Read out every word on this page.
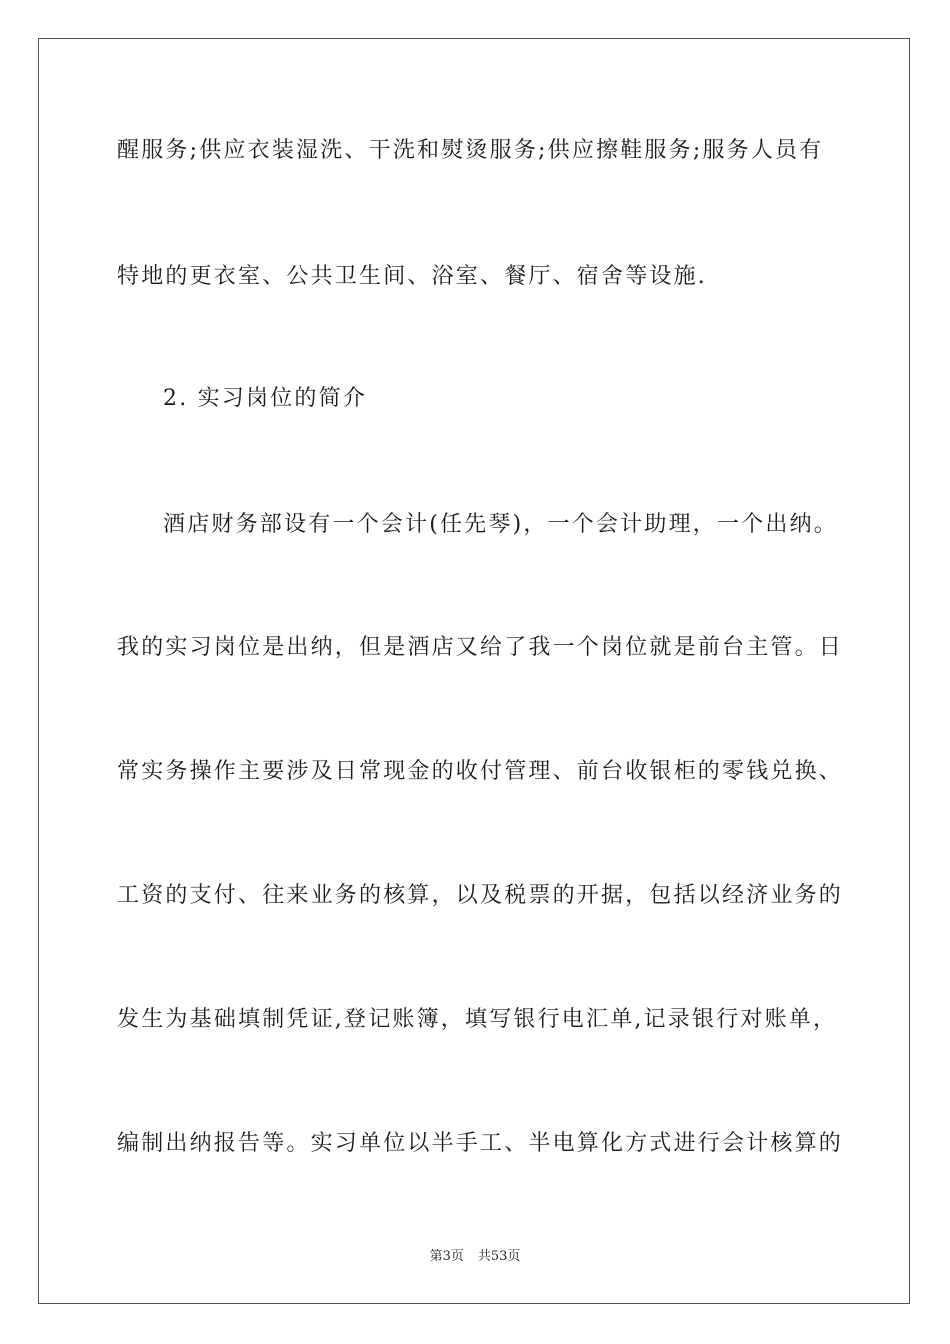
醒服务;供应衣装湿洗、干洗和熨烫服务;供应擦鞋服务;服务人员有
特地的更衣室、公共卫生间、浴室、餐厅、宿舍等设施.
2. 实习岗位的简介
酒店财务部设有一个会计(任先琴)，一个会计助理，一个出纳。
我的实习岗位是出纳，但是酒店又给了我一个岗位就是前台主管。日
常实务操作主要涉及日常现金的收付管理、前台收银柜的零钱兑换、
工资的支付、往来业务的核算，以及税票的开据，包括以经济业务的
发生为基础填制凭证,登记账簿，填写银行电汇单,记录银行对账单，
编制出纳报告等。实习单位以半手工、半电算化方式进行会计核算的
第3页 共53页
